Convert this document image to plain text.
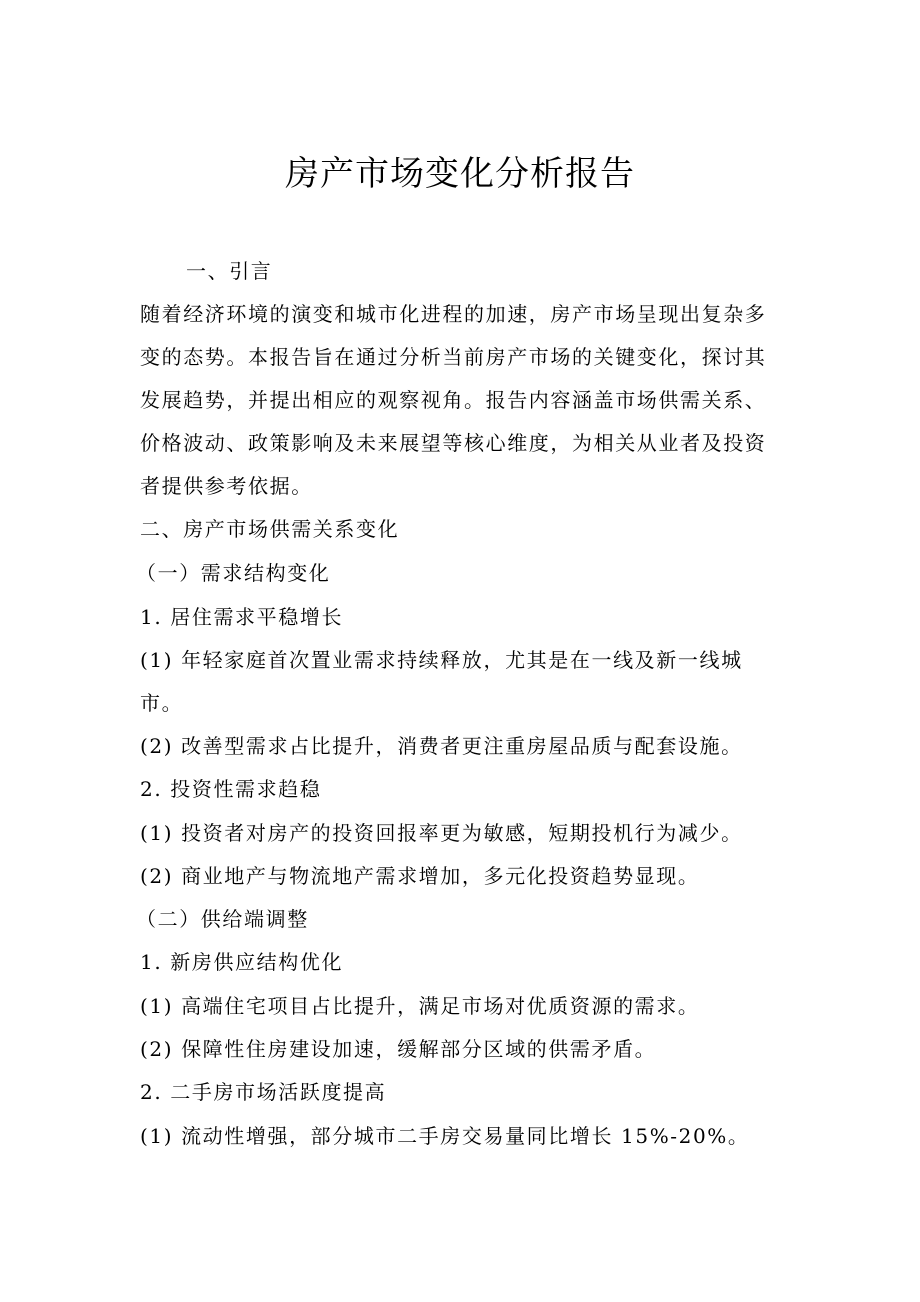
房产市场变化分析报告

一、引言

随着经济环境的演变和城市化进程的加速，房产市场呈现出复杂多

变的态势。本报告旨在通过分析当前房产市场的关键变化，探讨其

发展趋势，并提出相应的观察视角。报告内容涵盖市场供需关系、

价格波动、政策影响及未来展望等核心维度，为相关从业者及投资

者提供参考依据。

二、房产市场供需关系变化

（一）需求结构变化

1. 居住需求平稳增长

(1) 年轻家庭首次置业需求持续释放，尤其是在一线及新一线城

市。

(2) 改善型需求占比提升，消费者更注重房屋品质与配套设施。

2. 投资性需求趋稳

(1) 投资者对房产的投资回报率更为敏感，短期投机行为减少。

(2) 商业地产与物流地产需求增加，多元化投资趋势显现。

（二）供给端调整

1. 新房供应结构优化

(1) 高端住宅项目占比提升，满足市场对优质资源的需求。

(2) 保障性住房建设加速，缓解部分区域的供需矛盾。

2. 二手房市场活跃度提高

(1) 流动性增强，部分城市二手房交易量同比增长 15%-20%。
